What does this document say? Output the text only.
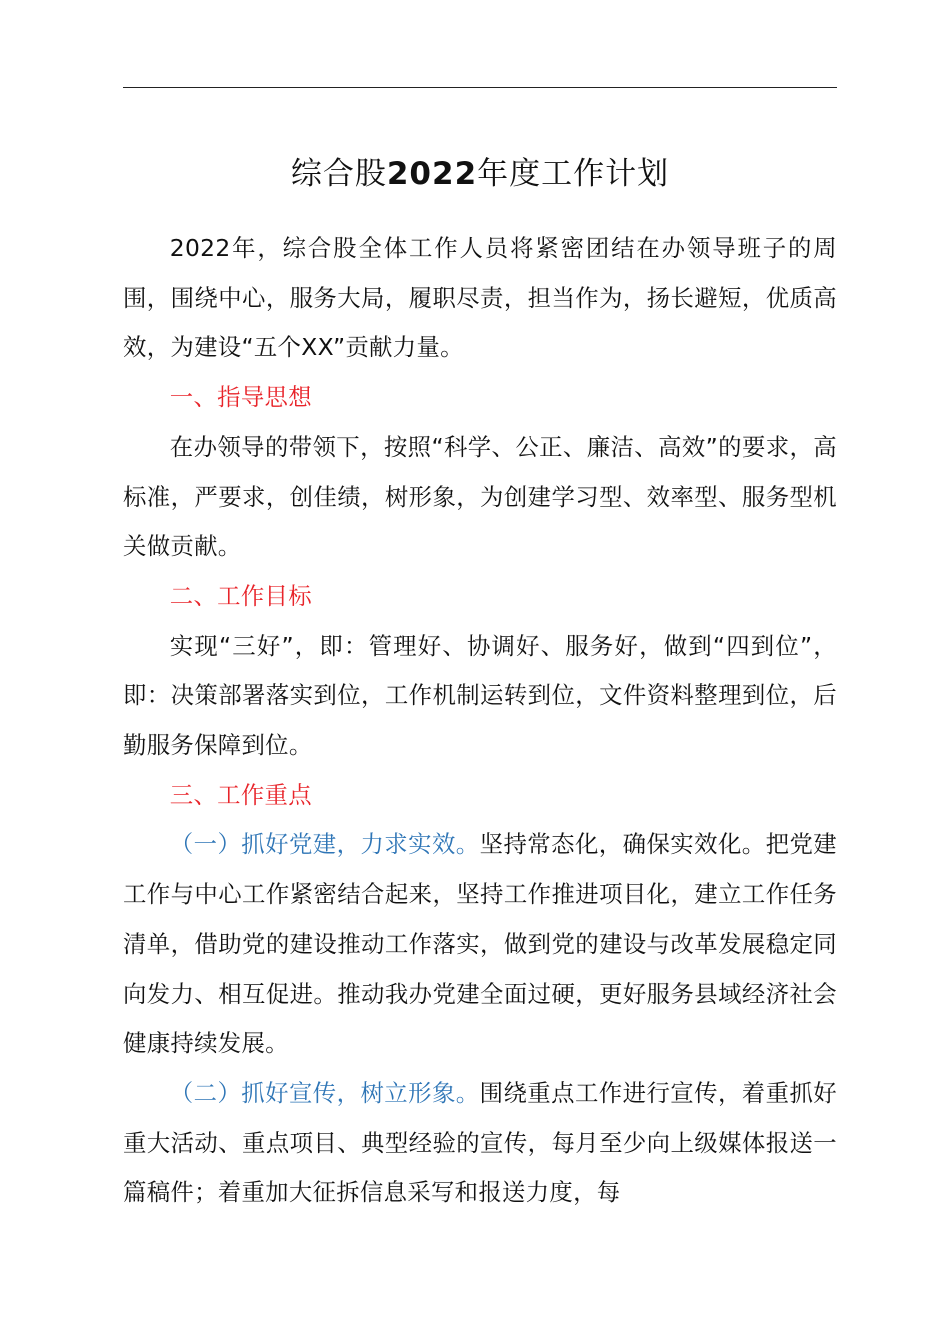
综合股2022年度工作计划

2022年，综合股全体工作人员将紧密团结在办领导班子的周围，围绕中心，服务大局，履职尽责，担当作为，扬长避短，优质高效，为建设“五个XX”贡献力量。

一、指导思想

在办领导的带领下，按照“科学、公正、廉洁、高效”的要求，高标准，严要求，创佳绩，树形象，为创建学习型、效率型、服务型机关做贡献。

二、工作目标

实现“三好”，即：管理好、协调好、服务好，做到“四到位”，即：决策部署落实到位，工作机制运转到位，文件资料整理到位，后勤服务保障到位。

三、工作重点

（一）抓好党建，力求实效。坚持常态化，确保实效化。把党建工作与中心工作紧密结合起来，坚持工作推进项目化，建立工作任务清单，借助党的建设推动工作落实，做到党的建设与改革发展稳定同向发力、相互促进。推动我办党建全面过硬，更好服务县域经济社会健康持续发展。

（二）抓好宣传，树立形象。围绕重点工作进行宣传，着重抓好重大活动、重点项目、典型经验的宣传，每月至少向上级媒体报送一篇稿件；着重加大征拆信息采写和报送力度，每
